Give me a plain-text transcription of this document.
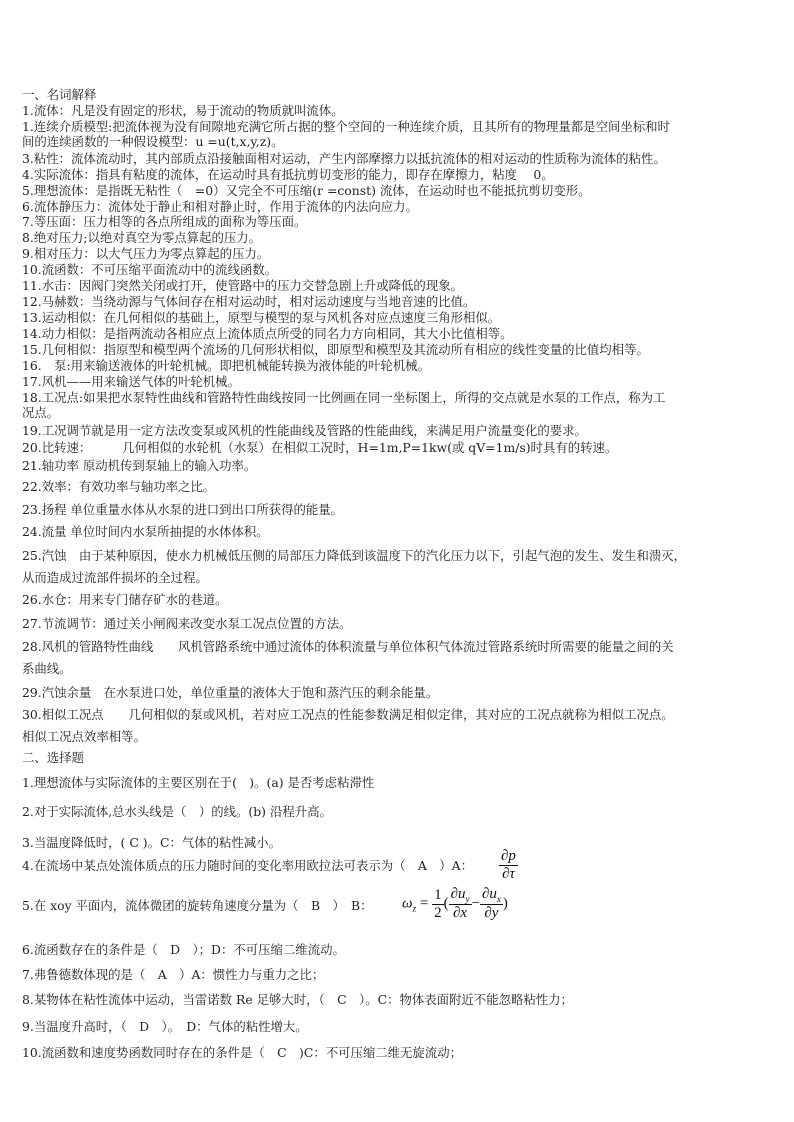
一、名词解释
1.流体：凡是没有固定的形状，易于流动的物质就叫流体。
1.连续介质模型:把流体视为没有间隙地充满它所占据的整个空间的一种连续介质，且其所有的物理量都是空间坐标和时
间的连续函数的一种假设模型：u =u(t,x,y,z)。
3.粘性：流体流动时，其内部质点沿接触面相对运动，产生内部摩擦力以抵抗流体的相对运动的性质称为流体的粘性。
4.实际流体：指具有粘度的流体，在运动时具有抵抗剪切变形的能力，即存在摩擦力，粘度　 0。
5.理想流体：是指既无粘性（　=0）又完全不可压缩(r =const) 流体，在运动时也不能抵抗剪切变形。
6.流体静压力：流体处于静止和相对静止时，作用于流体的内法向应力。
7.等压面：压力相等的各点所组成的面称为等压面。
8.绝对压力;以绝对真空为零点算起的压力。
9.相对压力：以大气压力为零点算起的压力。
10.流函数：不可压缩平面流动中的流线函数。
11.水击：因阀门突然关闭或打开，使管路中的压力交替急剧上升或降低的现象。
12.马赫数：当绕动源与气体间存在相对运动时，相对运动速度与当地音速的比值。
13.运动相似：在几何相似的基础上，原型与模型的泵与风机各对应点速度三角形相似。
14.动力相似：是指两流动各相应点上流体质点所受的同名力方向相同，其大小比值相等。
15.几何相似：指原型和模型两个流场的几何形状相似，即原型和模型及其流动所有相应的线性变量的比值均相等。
16.　泵:用来输送液体的叶轮机械。即把机械能转换为液体能的叶轮机械。
17.风机——用来输送气体的叶轮机械。
18.工况点:如果把水泵特性曲线和管路特性曲线按同一比例画在同一坐标图上，所得的交点就是水泵的工作点，称为工
况点。
19.工况调节就是用一定方法改变泵或风机的性能曲线及管路的性能曲线，来满足用户流量变化的要求。
20.比转速：　　　几何相似的水轮机（水泵）在相似工况时，H=1m,P=1kw(或 qV=1m/s)时具有的转速。
21.轴功率 原动机传到泵轴上的输入功率。
22.效率：有效功率与轴功率之比。
23.扬程 单位重量水体从水泵的进口到出口所获得的能量。
24.流量 单位时间内水泵所抽提的水体体积。
25.汽蚀　由于某种原因，使水力机械低压侧的局部压力降低到该温度下的汽化压力以下，引起气泡的发生、发生和溃灭，
从而造成过流部件损坏的全过程。
26.水仓：用来专门储存矿水的巷道。
27.节流调节：通过关小闸阀来改变水泵工况点位置的方法。
28.风机的管路特性曲线　　风机管路系统中通过流体的体积流量与单位体积气体流过管路系统时所需要的能量之间的关
系曲线。
29.汽蚀余量　在水泵进口处，单位重量的液体大于饱和蒸汽压的剩余能量。
30.相似工况点　　几何相似的泵或风机，若对应工况点的性能参数满足相似定律，其对应的工况点就称为相似工况点。
相似工况点效率相等。
二、选择题
1.理想流体与实际流体的主要区别在于(　)。(a) 是否考虑粘滞性
2.对于实际流体,总水头线是（　）的线。(b) 沿程升高。
3.当温度降低时，( C )。C：气体的粘性减小。
4.在流场中某点处流体质点的压力随时间的变化率用欧拉法可表示为（　A　）A：
5.在 xoy 平面内，流体微团的旋转角速度分量为（　B　）　B：
6.流函数存在的条件是（　D　）；D：不可压缩二维流动。
7.弗鲁德数体现的是（　A　）A：惯性力与重力之比；
8.某物体在粘性流体中运动，当雷诺数 Re 足够大时，（　C　）。C：物体表面附近不能忽略粘性力；
9.当温度升高时，（　D　）。　D：气体的粘性增大。
10.流函数和速度势函数同时存在的条件是（　C　)C：不可压缩二维无旋流动；
$\frac{\partial p}{\partial\tau}$
$\omega_z = \frac{1}{2}$ ( $\frac{\partial u_y}{\partial x} - \frac{\partial u_x}{\partial y}$ )
